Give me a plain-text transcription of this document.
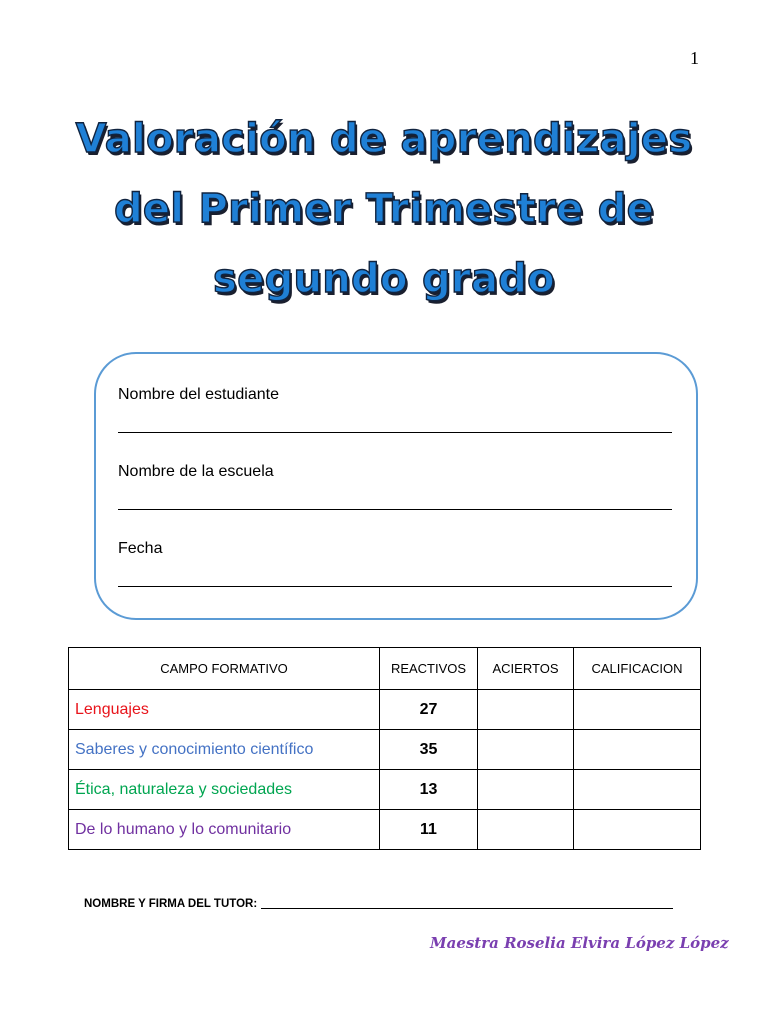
1
Valoración de aprendizajes
del Primer Trimestre de
segundo grado
Nombre del estudiante
Nombre de la escuela
Fecha
CAMPO FORMATIVO	REACTIVOS	ACIERTOS	CALIFICACION
Lenguajes	27		
Saberes y conocimiento científico	35		
Ética, naturaleza y sociedades	13		
De lo humano y lo comunitario	11		
NOMBRE Y FIRMA DEL TUTOR:
Maestra Roselia Elvira López López
